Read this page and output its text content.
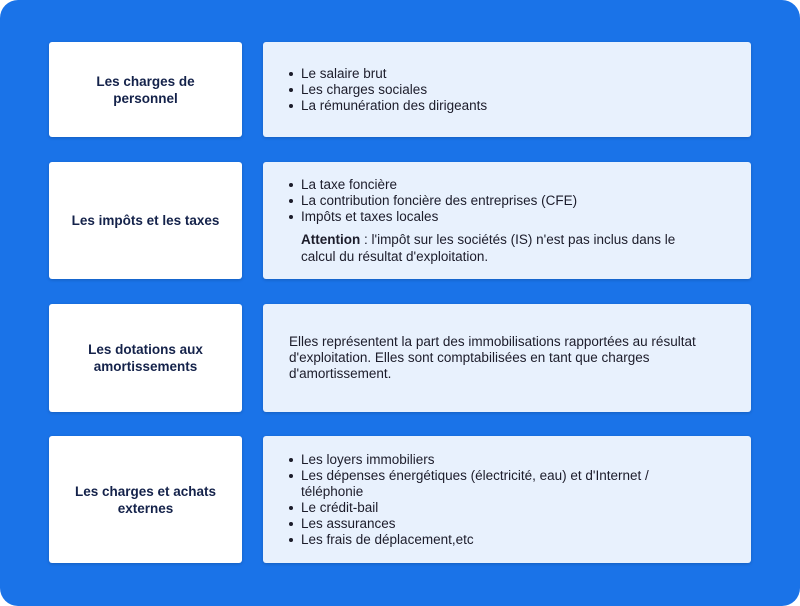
Les charges de personnel
Le salaire brut
Les charges sociales
La rémunération des dirigeants
Les impôts et les taxes
La taxe foncière
La contribution foncière des entreprises (CFE)
Impôts et taxes locales
Attention : l'impôt sur les sociétés (IS) n'est pas inclus dans le calcul du résultat d'exploitation.
Les dotations aux amortissements

Elles représentent la part des immobilisations rapportées au résultat d'exploitation. Elles sont comptabilisées en tant que charges d'amortissement.

Les charges et achats externes
Les loyers immobiliers
Les dépenses énergétiques (électricité, eau) et d'Internet / téléphonie
Le crédit-bail
Les assurances
Les frais de déplacement,etc
